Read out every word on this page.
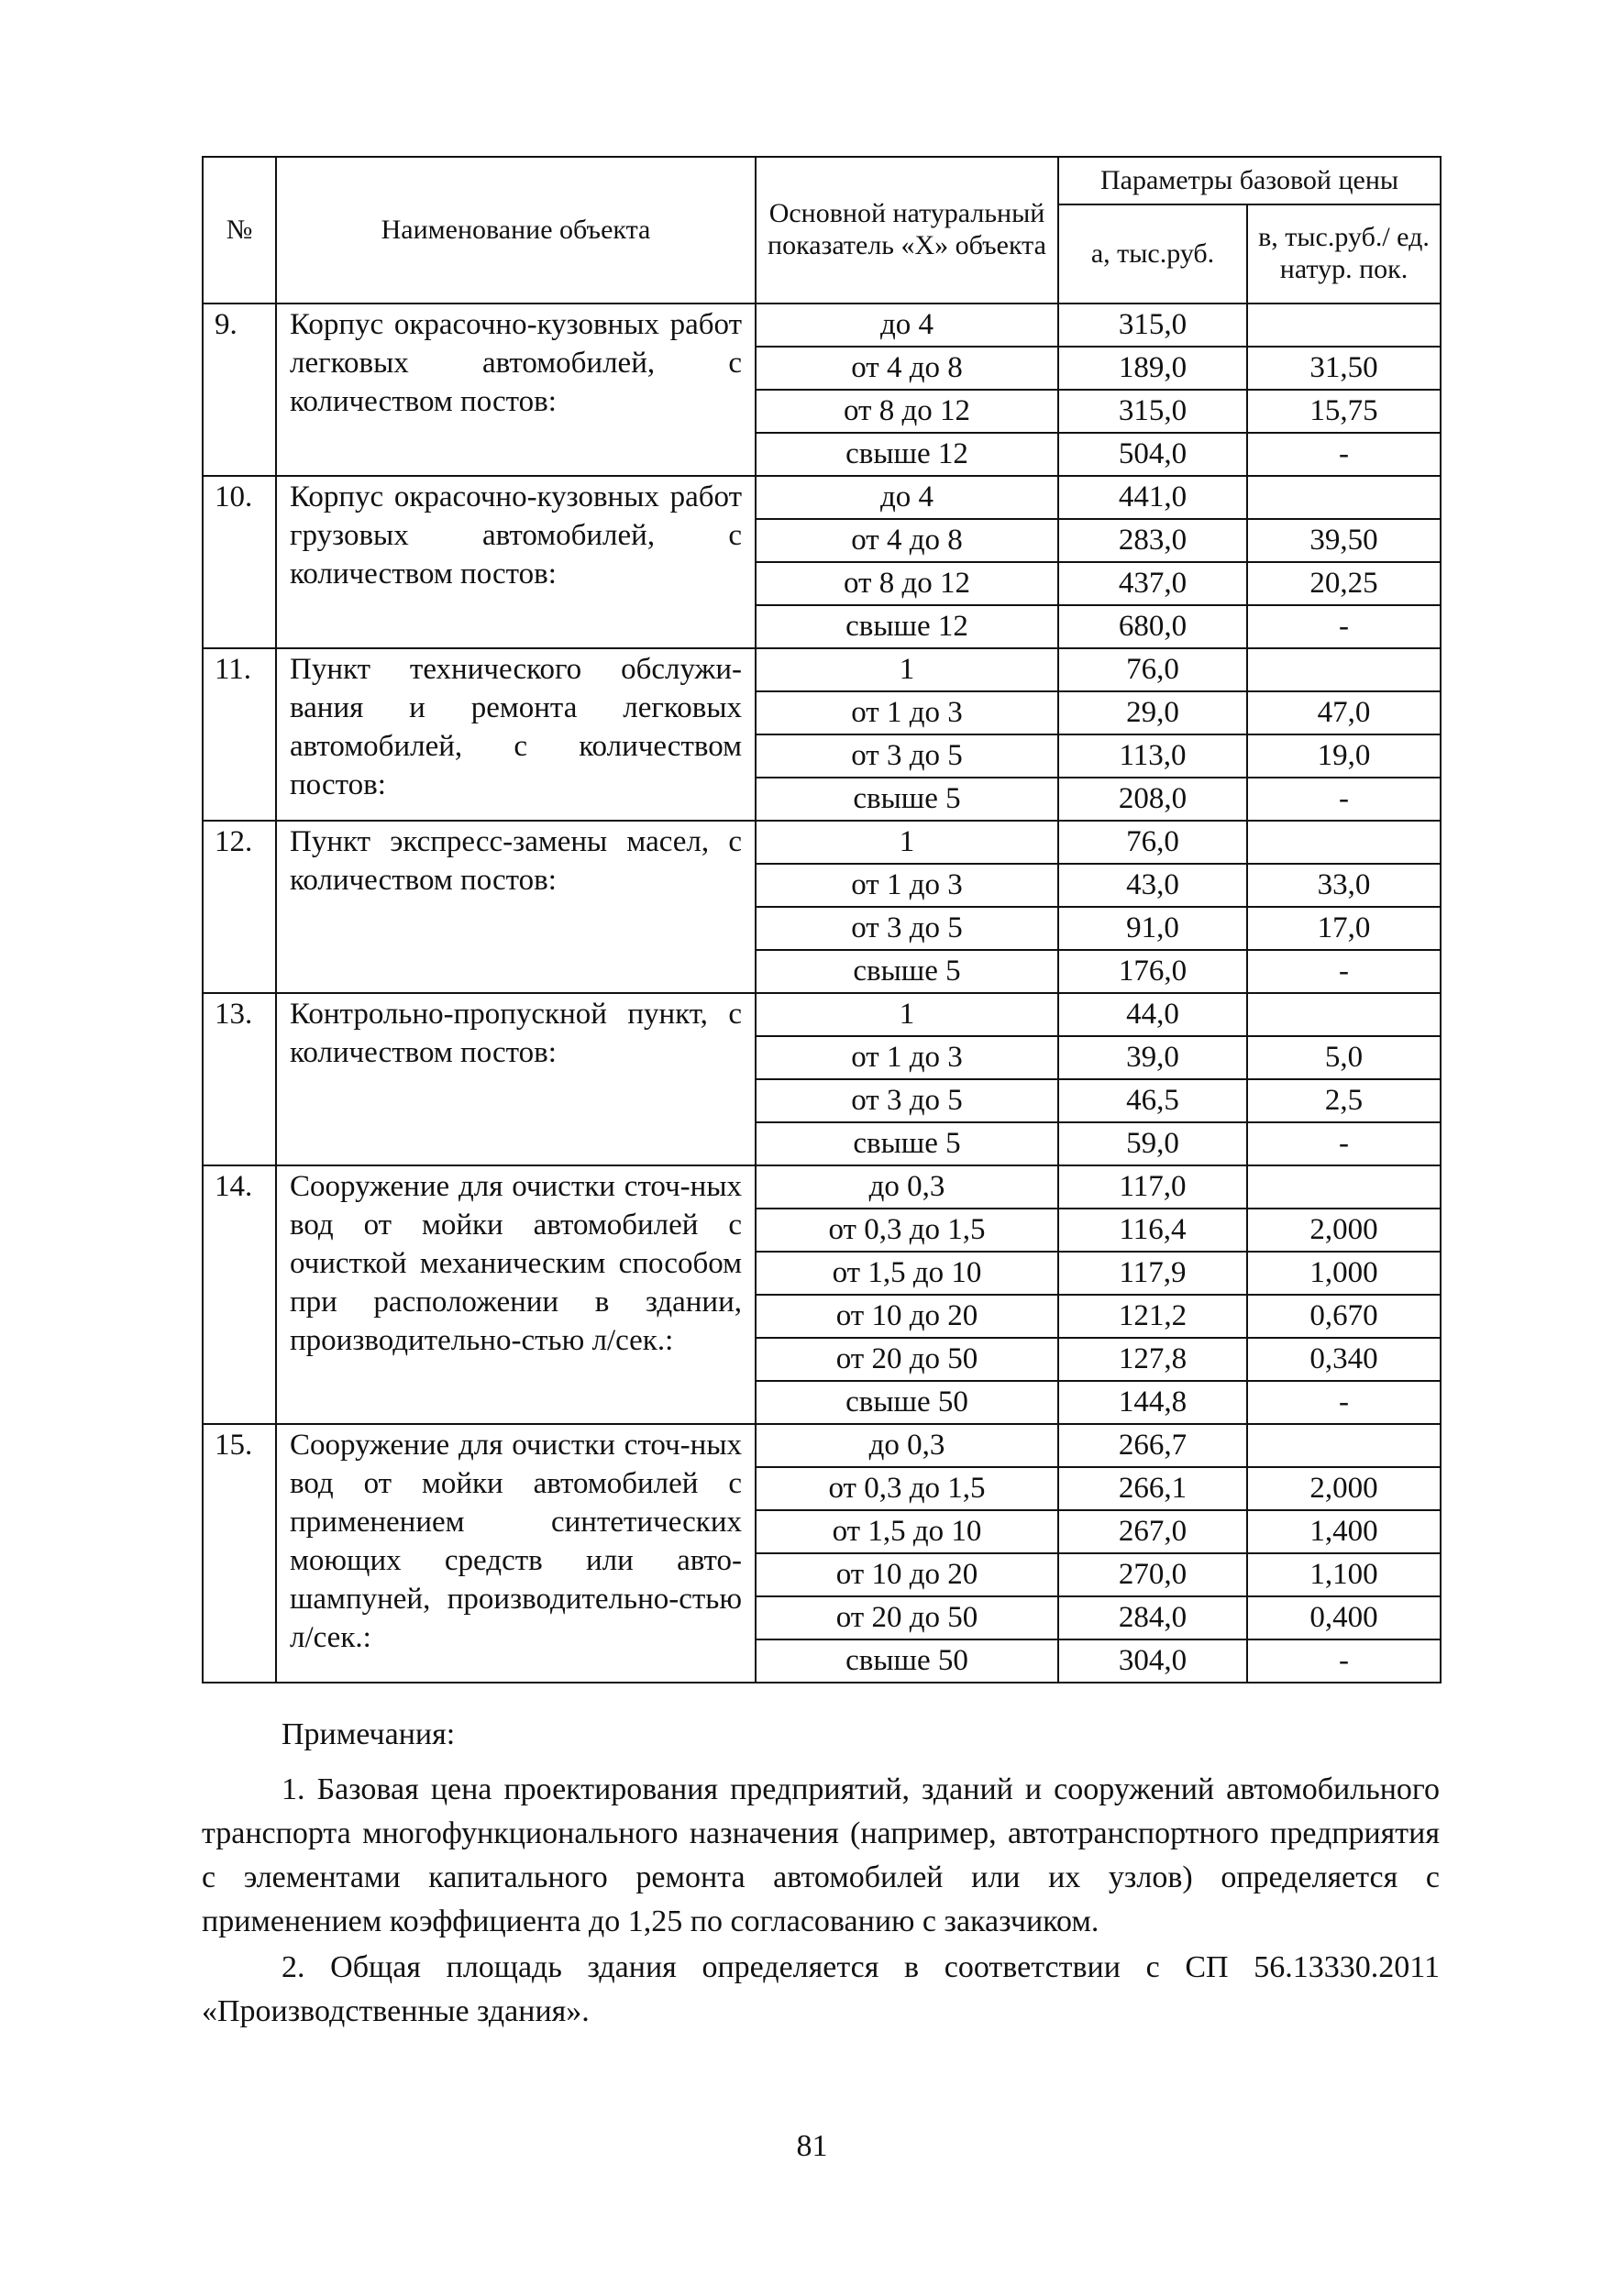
№	Наименование объекта	Основной натуральный показатель «Х» объекта	Параметры базовой цены	
			а, тыс.руб.	в, тыс.руб./ ед. натур. пок.
9.	Корпус окрасочно-кузовных работ легковых автомобилей, с количеством постов:	до 4	315,0	
		от 4 до 8	189,0	31,50
		от 8 до 12	315,0	15,75
		свыше 12	504,0	-
10.	Корпус окрасочно-кузовных работ грузовых автомобилей, с количеством постов:	до 4	441,0	
		от 4 до 8	283,0	39,50
		от 8 до 12	437,0	20,25
		свыше 12	680,0	-
11.	Пункт технического обслужи-вания и ремонта легковых автомобилей, с количеством постов:	1	76,0	
		от 1 до 3	29,0	47,0
		от 3 до 5	113,0	19,0
		свыше 5	208,0	-
12.	Пункт экспресс-замены масел, с количеством постов:	1	76,0	
		от 1 до 3	43,0	33,0
		от 3 до 5	91,0	17,0
		свыше 5	176,0	-
13.	Контрольно-пропускной пункт, с количеством постов:	1	44,0	
		от 1 до 3	39,0	5,0
		от 3 до 5	46,5	2,5
		свыше 5	59,0	-
14.	Сооружение для очистки сточ-ных вод от мойки автомобилей с очисткой механическим способом при расположении в здании, производительно-стью л/сек.:	до 0,3	117,0	
		от 0,3 до 1,5	116,4	2,000
		от 1,5 до 10	117,9	1,000
		от 10 до 20	121,2	0,670
		от 20 до 50	127,8	0,340
		свыше 50	144,8	-
15.	Сооружение для очистки сточ-ных вод от мойки автомобилей с применением синтетических моющих средств или авто-шампуней, производительно-стью л/сек.:	до 0,3	266,7	
		от 0,3 до 1,5	266,1	2,000
		от 1,5 до 10	267,0	1,400
		от 10 до 20	270,0	1,100
		от 20 до 50	284,0	0,400
		свыше 50	304,0	-
Примечания:

1. Базовая цена проектирования предприятий, зданий и сооружений автомобильного транспорта многофункционального назначения (например, автотранспортного предприятия с элементами капитального ремонта автомобилей или их узлов) определяется с применением коэффициента до 1,25 по согласованию с заказчиком.

2. Общая площадь здания определяется в соответствии с СП 56.13330.2011 «Производственные здания».

81
